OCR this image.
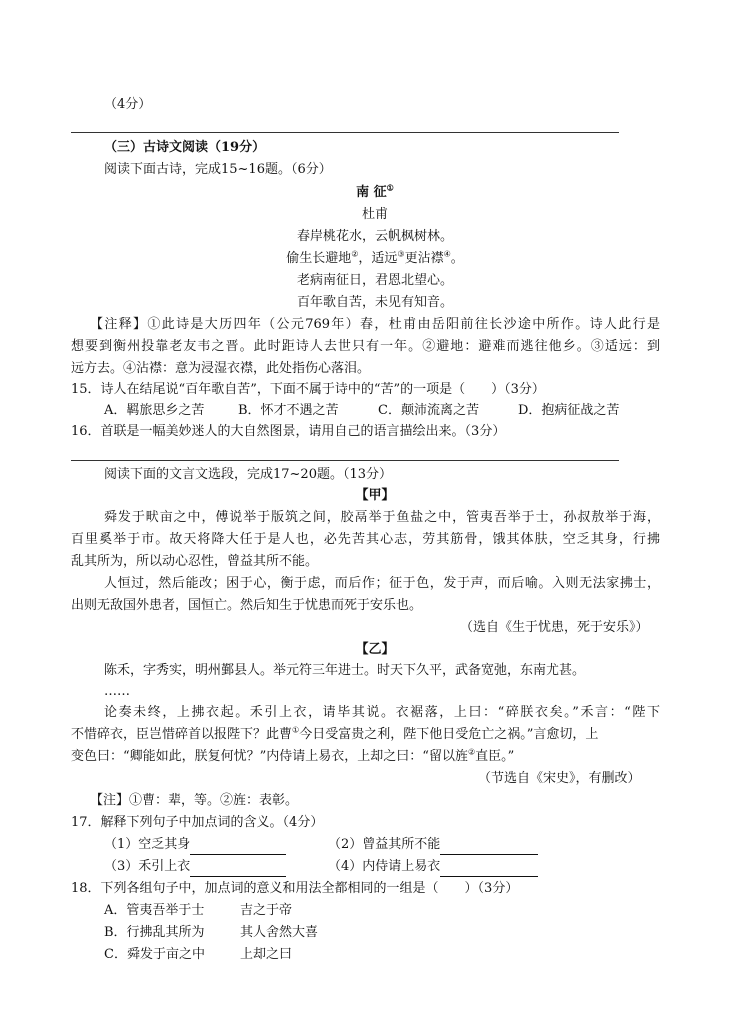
（4分）
（三）古诗文阅读（19分）
阅读下面古诗，完成15~16题。（6分）
南 征①
杜甫
春岸桃花水，云帆枫树林。
偷生长避地②，适远③更沾襟④。
老病南征日，君恩北望心。
百年歌自苦，未见有知音。
【注释】①此诗是大历四年（公元769年）春，杜甫由岳阳前往长沙途中所作。诗人此行是
想要到衡州投靠老友韦之晋。此时距诗人去世只有一年。②避地：避难而逃往他乡。③适远：到
远方去。④沾襟：意为浸湿衣襟，此处指伤心落泪。
15．诗人在结尾说“百年歌自苦”，下面不属于诗中的“苦”的一项是（　　）（3分）
A．羁旅思乡之苦	B．怀才不遇之苦	C．颠沛流离之苦	D．抱病征战之苦
16．首联是一幅美妙迷人的大自然图景，请用自己的语言描绘出来。（3分）
阅读下面的文言文选段，完成17~20题。（13分）
【甲】
舜发于畎亩之中，傅说举于版筑之间，胶鬲举于鱼盐之中，管夷吾举于士，孙叔敖举于海，
百里奚举于市。故天将降大任于是人也，必先苦其心志，劳其筋骨，饿其体肤，空乏其身，行拂
乱其所为，所以动心忍性，曾益其所不能。
人恒过，然后能改；困于心，衡于虑，而后作；征于色，发于声，而后喻。入则无法家拂士，
出则无敌国外患者，国恒亡。然后知生于忧患而死于安乐也。
（选自《生于忧患，死于安乐》）
【乙】
陈禾，字秀实，明州鄞县人。举元符三年进士。时天下久平，武备宽弛，东南尤甚。
……
论奏未终，上拂衣起。禾引上衣，请毕其说。衣裾落，上曰：“碎朕衣矣。”禾言：“陛下
不惜碎衣，臣岂惜碎首以报陛下？此曹①今日受富贵之利，陛下他日受危亡之祸。”言愈切，上
变色曰：“卿能如此，朕复何忧？”内侍请上易衣，上却之曰：“留以旌②直臣。”
（节选自《宋史》，有删改）
【注】①曹：辈，等。②旌：表彰。
17．解释下列句子中加点词的含义。（4分）
（1）空乏其身	（2）曾益其所不能
（3）禾引上衣	（4）内侍请上易衣
18．下列各组句子中，加点词的意义和用法全都相同的一组是（　　）（3分）
A．管夷吾举于士	吉之于帝
B．行拂乱其所为	其人舍然大喜
C．舜发于亩之中	上却之曰
